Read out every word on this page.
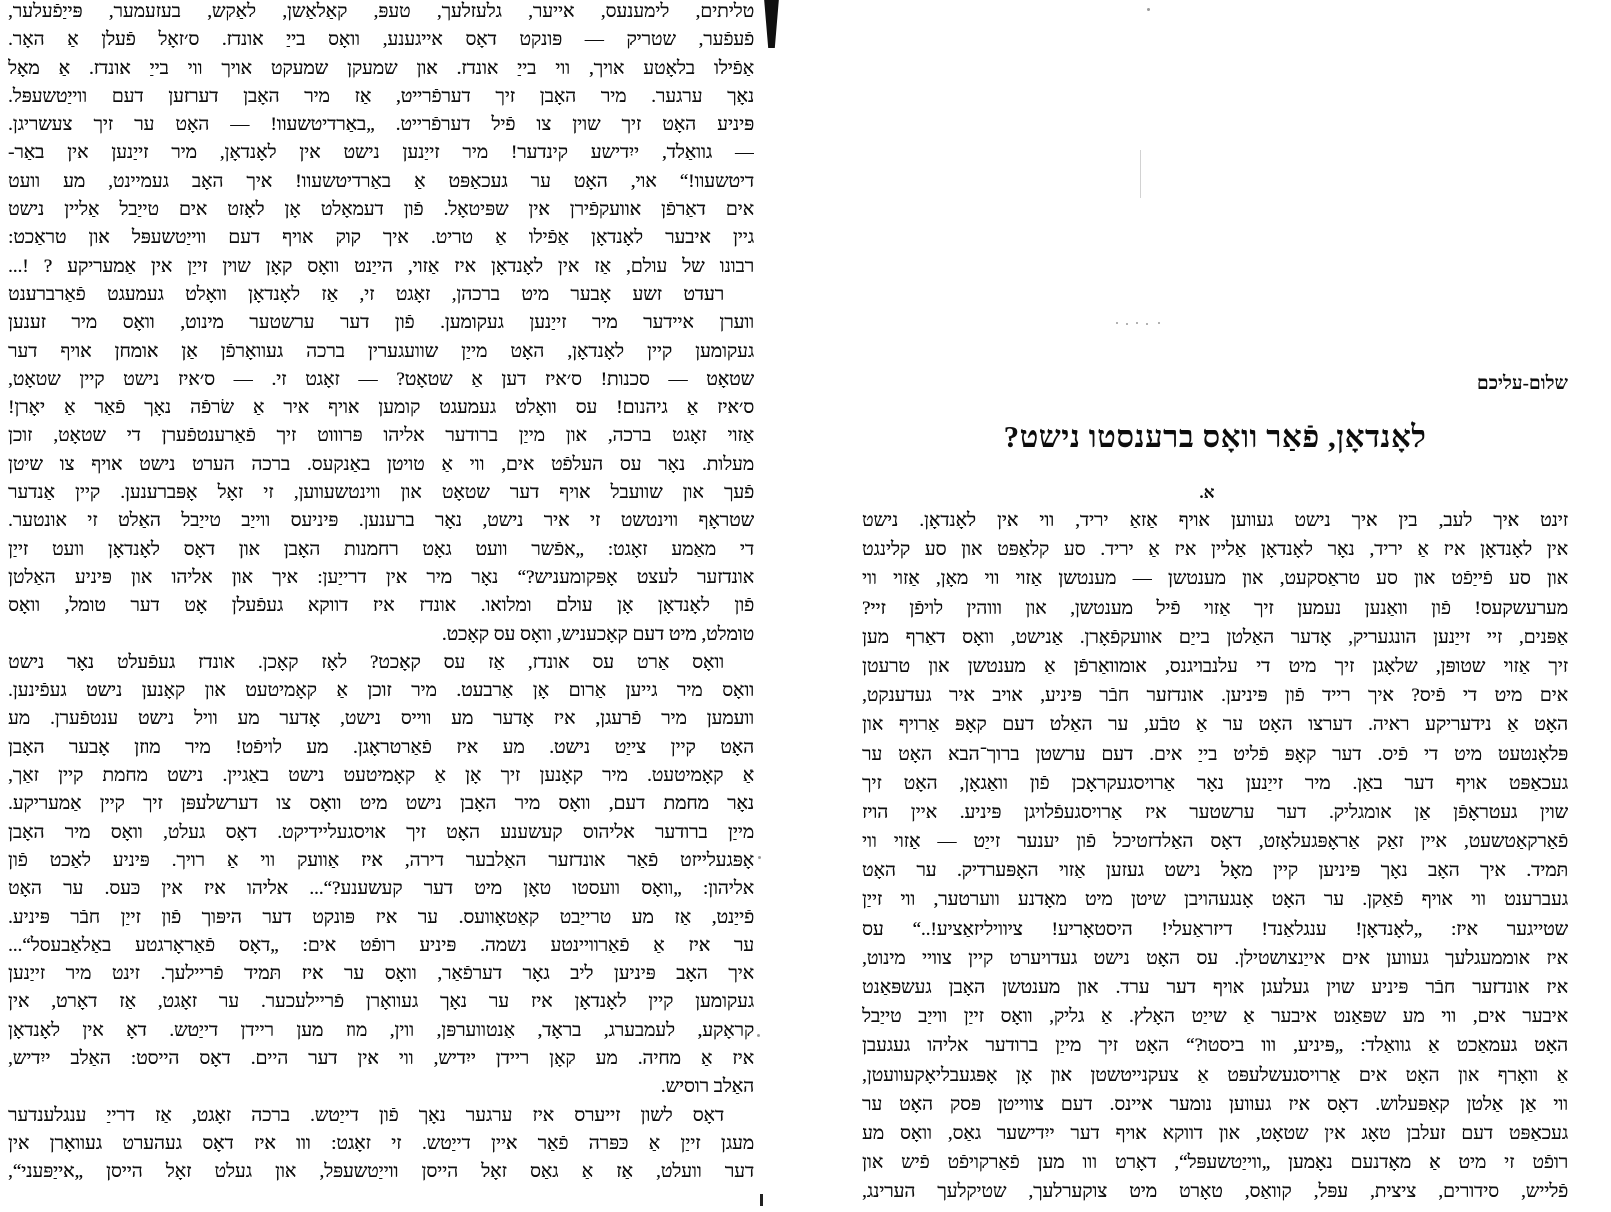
טליתים, לימענעס, אייער, גלעזלעך, טעפּ, קאַלאַשן, לאַקש, בעזעמער, פּייַפֿעלער,
פֿעפֿער, שטריק — פּונקט דאָס אייגענע, וואָס בייַ אונדז. ס׳זאָל פֿעלן אַ האָר.
אַפֿילו בלאָטע אויך, ווי בייַ אונדז. און שמעקן שמעקט אויך ווי בייַ אונדז. אַ מאָל
נאָך ערגער. מיר האָבן זיך דערפֿרייט, אַז מיר האָבן דערזען דעם ווייַטשעפּל.
פּיניע האָט זיך שוין צו פֿיל דערפֿרייט. „באַרדיטשעוו! — האָט ער זיך צעשריגן.
— גוואַלד, ייִדישע קינדער! מיר זייַנען נישט אין לאָנדאָן, מיר זייַנען אין באַר-
דיטשעוו!“ אוי, האָט ער געכאַפּט אַ באַרדיטשעוו! איך האָב געמיינט, מע וועט
אים דאַרפֿן אוועקפֿירן אין שפּיטאָל. פֿון דעמאָלט אָן לאָזט אים טייַבל אַליין נישט
גיין איבער לאָנדאָן אַפֿילו אַ טריט. איך קוק אויף דעם ווייַטשעפּל און טראַכט:
רבונו של עולם, אַז אין לאָנדאָן איז אַזוי, הייַנט וואָס קאָן שוין זייַן אין אַמעריקע ? !...
רעדט זשע אָבער מיט ברכהן, זאָגט זי, אַז לאָנדאָן וואָלט געמעגט פֿאַרברענט
ווערן איידער מיר זייַנען געקומען. פֿון דער ערשטער מינוט, וואָס מיר זענען
געקומען קיין לאָנדאָן, האָט מייַן שוועגערין ברכה געוואָרפֿן אַן אומחן אויף דער
שטאָט — סכנות! ס׳איז דען אַ שטאָט? — זאָגט זי. — ס׳איז נישט קיין שטאָט,
ס׳איז אַ גיהנום! עס וואָלט געמעגט קומען אויף איר אַ שׂרפֿה נאָך פֿאַר אַ יאָרן!
אַזוי זאָגט ברכה, און מייַן ברודער אליהו פּרוווט זיך פֿאַרענטפֿערן די שטאָט, זוכן
מעלות. נאָר עס העלפֿט אים, ווי אַ טויטן באַנקעס. ברכה הערט נישט אויף צו שיטן
פֿעך און שוועבל אויף דער שטאָט און ווינטשעווען, זי זאָל אָפּברענען. קיין אַנדער
שטראָף ווינטשט זי איר נישט, נאָר ברענען. פּיניעס ווייַב טייַבל האַלט זי אונטער.
די מאַמע זאָגט: „אפֿשר וועט גאָט רחמנות האָבן און דאָס לאָנדאָן וועט זייַן
אונדזער לעצט אָפּקומעניש?“ נאָר מיר אין דרייַען: איך און אליהו און פּיניע האַלטן
פֿון לאָנדאָן אָן עולם ומלואו. אונדז איז דווקא געפֿעלן אָט דער טומל, וואָס
טומלט, מיט דעם קאָכעניש, וואָס עס קאָכט.
וואָס אַרט עס אונדז, אַז עס קאָכט? לאָז קאָכן. אונדז געפֿעלט נאָר נישט
וואָס מיר גייען אַרום אָן אַרבעט. מיר זוכן אַ קאָמיטעט און קאָנען נישט געפֿינען.
וועמען מיר פֿרעגן, איז אָדער מע ווייס נישט, אָדער מע וויל נישט ענטפֿערן. מע
האָט קיין צייַט נישט. מע איז פֿאַרטראָגן. מע לויפֿט! מיר מוזן אָבער האָבן
אַ קאָמיטעט. מיר קאָנען זיך אָן אַ קאָמיטעט נישט באַגיין. נישט מחמת קיין זאַך,
נאָר מחמת דעם, וואָס מיר האָבן נישט מיט וואָס צו דערשלעפּן זיך קיין אַמעריקע.
מייַן ברודער אליהוס קעשענע האָט זיך אויסגעליידיקט. דאָס געלט, וואָס מיר האָבן
אָפּגעלייזט פֿאַר אונדזער האַלבער דירה, איז אַוועק ווי אַ רויך. פּיניע לאַכט פֿון
אליהון: „וואָס וועסטו טאָן מיט דער קעשענע?“... אליהו איז אין כּעס. ער האָט
פֿייַנט, אַז מע טרייַבט קאַטאָוועס. ער איז פּונקט דער היפּוך פֿון זייַן חבֿר פּיניע.
ער איז אַ פֿאַרוויינטע נשמה. פּיניע רופֿט אים: „דאָס פֿאַראָרגטע באַלאַבעסל“...
איך האָב פּיניען ליב גאָר דערפֿאַר, וואָס ער איז תּמיד פֿריילעך. זינט מיר זייַנען
געקומען קיין לאָנדאָן איז ער נאָך געוואָרן פֿריילעכער. ער זאָגט, אַז דאָרט, אין
קראָקע, לעמבערג, בראָד, אַנטווערפּן, ווין, מוז מען ריידן דייַטש. דאָ אין לאָנדאָן
איז אַ מחיה. מע קאָן ריידן ייִדיש, ווי אין דער היים. דאָס הייסט: האַלב ייִדיש,
האַלב רוסיש.
דאָס לשון זייערס איז ערגער נאָך פֿון דייַטש. ברכה זאָגט, אַז דרייַ ענגלענדער
מעגן זייַן אַ כּפּרה פֿאַר איין דייַטש. זי זאָגט: ווו איז דאָס געהערט געוואָרן אין
דער וועלט, אַז אַ גאַס זאָל הייסן ווייַטשעפּל, און געלט זאָל הייסן „אייַפּעני“,
שלום-עליכם
לאָנדאָן, פֿאַר וואָס ברענסטו נישט?
א.
זינט איך לעב, בין איך נישט געווען אויף אַזאַ יריד, ווי אין לאָנדאָן. נישט
אין לאָנדאָן איז אַ יריד, נאָר לאָנדאָן אַליין איז אַ יריד. סע קלאַפּט און סע קלינגט
און סע פֿייַפֿט און סע טראַסקעט, און מענטשן — מענטשן אַזוי ווי מאָן, אַזוי ווי
מערעשקעס! פֿון וואַנען נעמען זיך אַזוי פֿיל מענטשן, און וווהין לויפֿן זיי?
אַפּנים, זיי זייַנען הונגעריק, אָדער האַלטן בייַם אוועקפֿאָרן. אַנישט, וואָס דאַרף מען
זיך אַזוי שטופּן, שלאָגן זיך מיט די עלנבויגנס, אומוואַרפֿן אַ מענטשן און טרעטן
אים מיט די פֿיס? איך רייד פֿון פּיניען. אונדזער חבֿר פּיניע, אויב איר געדענקט,
האָט אַ נידעריקע ראיה. דערצו האָט ער אַ טבֿע, ער האַלט דעם קאָפּ אַרויף און
פּלאָנטעט מיט די פֿיס. דער קאָפּ פֿליט בייַ אים. דעם ערשטן ברוך־הבא האָט ער
געכאַפּט אויף דער באַן. מיר זייַנען נאָר אַרויסגעקראָכן פֿון וואַגאָן, האָט זיך
שוין געטראָפֿן אַן אומגליק. דער ערשטער איז אַרויסגעפֿלויגן פּיניע. איין הויז
פֿאַרקאַטשעט, איין זאַק אַראָפּגעלאָזט, דאָס האַלדזטיכל פֿון יענער זייַט — אַזוי ווי
תּמיד. איך האָב נאָך פּיניען קיין מאָל נישט געזען אַזוי האָפּערדיק. ער האָט
געברענט ווי אויף פֿאַקן. ער האָט אָנגעהויבן שיטן מיט מאָדנע ווערטער, ווי זייַן
שטייגער איז: „לאָנדאָן! ענגלאַנד! דיזראַעלי! היסטאָריע! ציוויליזאַציע!..“ עס
איז אוממעגלעך געווען אים אייַנצושטילן. עס האָט נישט געדויערט קיין צוויי מינוט,
איז אונדזער חבֿר פּיניע שוין געלעגן אויף דער ערד. און מענטשן האָבן געשפּאַנט
איבער אים, ווי מע שפּאַנט איבער אַ שייַט האָלץ. אַ גליק, וואָס זייַן ווייַב טייַבל
האָט געמאַכט אַ גוואַלד: „פּיניע, ווו ביסטו?“ האָט זיך מייַן ברודער אליהו געגעבן
אַ וואָרף און האָט אים אַרויסגעשלעפּט אַ צעקנייטשטן און אָן אָפּגעבליאָקעוועטן,
ווי אַן אַלטן קאַפּעלוש. דאָס איז געווען נומער איינס. דעם צווייטן פּסק האָט ער
געכאַפּט דעם זעלבן טאָג אין שטאָט, און דווקא אויף דער ייִדישער גאַס, וואָס מע
רופֿט זי מיט אַ מאָדנעם נאָמען „ווייַטשעפּל“, דאָרט ווו מען פֿאַרקויפֿט פֿיש און
פֿלייש, סידורים, ציצית, עפּל, קוואַס, טאָרט מיט צוקערלעך, שטיקלעך הערינג,
